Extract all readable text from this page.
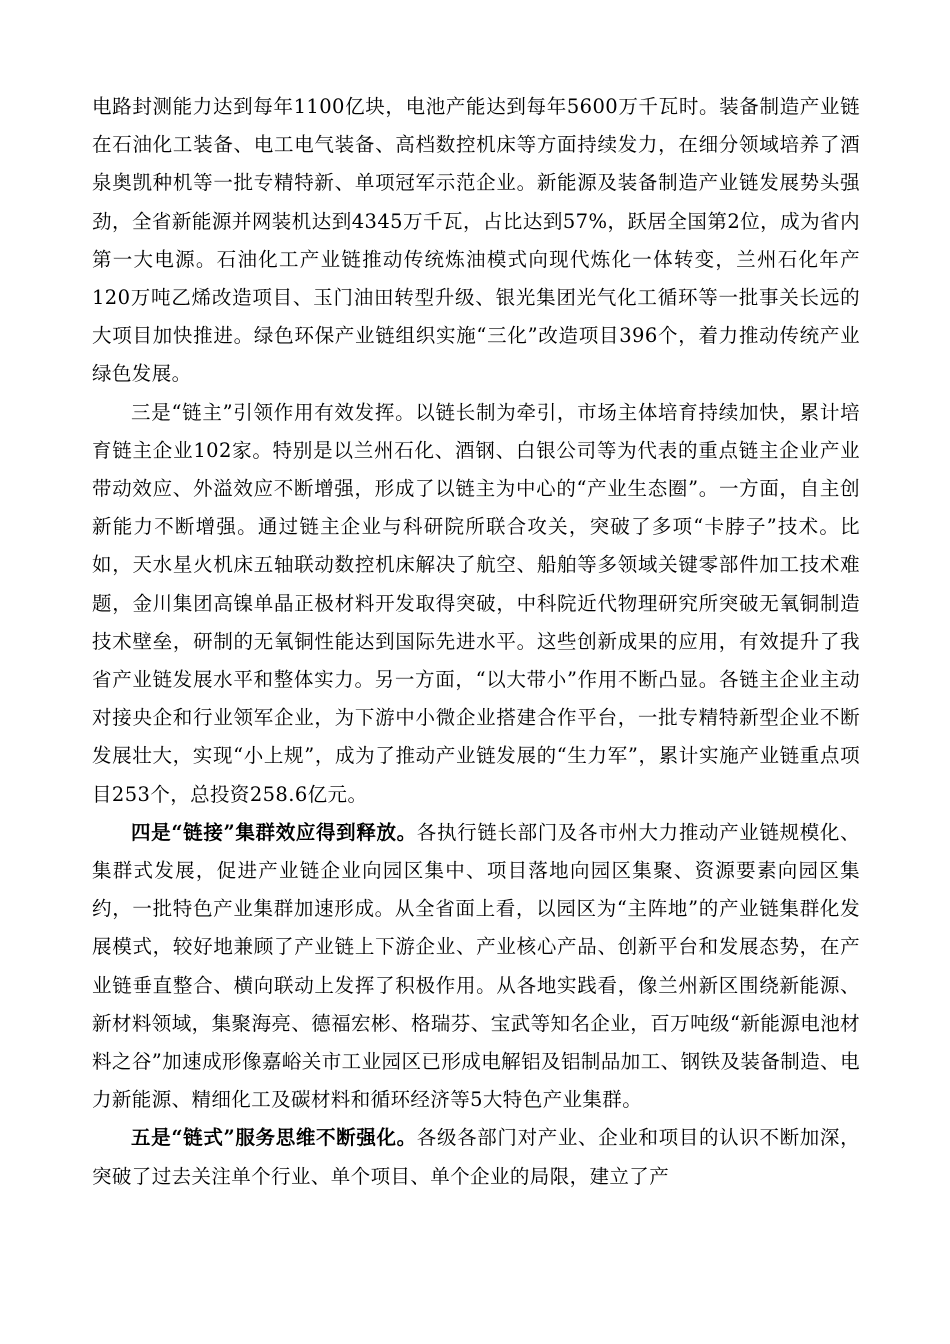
电路封测能力达到每年1100亿块，电池产能达到每年5600万千瓦时。装备制造产业链在石油化工装备、电工电气装备、高档数控机床等方面持续发力，在细分领域培养了酒泉奥凯种机等一批专精特新、单项冠军示范企业。新能源及装备制造产业链发展势头强劲，全省新能源并网装机达到4345万千瓦，占比达到57%，跃居全国第2位，成为省内第一大电源。石油化工产业链推动传统炼油模式向现代炼化一体转变，兰州石化年产120万吨乙烯改造项目、玉门油田转型升级、银光集团光气化工循环等一批事关长远的大项目加快推进。绿色环保产业链组织实施“三化”改造项目396个，着力推动传统产业绿色发展。

三是“链主”引领作用有效发挥。以链长制为牵引，市场主体培育持续加快，累计培育链主企业102家。特别是以兰州石化、酒钢、白银公司等为代表的重点链主企业产业带动效应、外溢效应不断增强，形成了以链主为中心的“产业生态圈”。一方面，自主创新能力不断增强。通过链主企业与科研院所联合攻关，突破了多项“卡脖子”技术。比如，天水星火机床五轴联动数控机床解决了航空、船舶等多领域关键零部件加工技术难题，金川集团高镍单晶正极材料开发取得突破，中科院近代物理研究所突破无氧铜制造技术壁垒，研制的无氧铜性能达到国际先进水平。这些创新成果的应用，有效提升了我省产业链发展水平和整体实力。另一方面，“以大带小”作用不断凸显。各链主企业主动对接央企和行业领军企业，为下游中小微企业搭建合作平台，一批专精特新型企业不断发展壮大，实现“小上规”，成为了推动产业链发展的“生力军”，累计实施产业链重点项目253个，总投资258.6亿元。

四是“链接”集群效应得到释放。各执行链长部门及各市州大力推动产业链规模化、集群式发展，促进产业链企业向园区集中、项目落地向园区集聚、资源要素向园区集约，一批特色产业集群加速形成。从全省面上看，以园区为“主阵地”的产业链集群化发展模式，较好地兼顾了产业链上下游企业、产业核心产品、创新平台和发展态势，在产业链垂直整合、横向联动上发挥了积极作用。从各地实践看，像兰州新区围绕新能源、新材料领域，集聚海亮、德福宏彬、格瑞芬、宝武等知名企业，百万吨级“新能源电池材料之谷”加速成形像嘉峪关市工业园区已形成电解铝及铝制品加工、钢铁及装备制造、电力新能源、精细化工及碳材料和循环经济等5大特色产业集群。

五是“链式”服务思维不断强化。各级各部门对产业、企业和项目的认识不断加深，突破了过去关注单个行业、单个项目、单个企业的局限，建立了产
